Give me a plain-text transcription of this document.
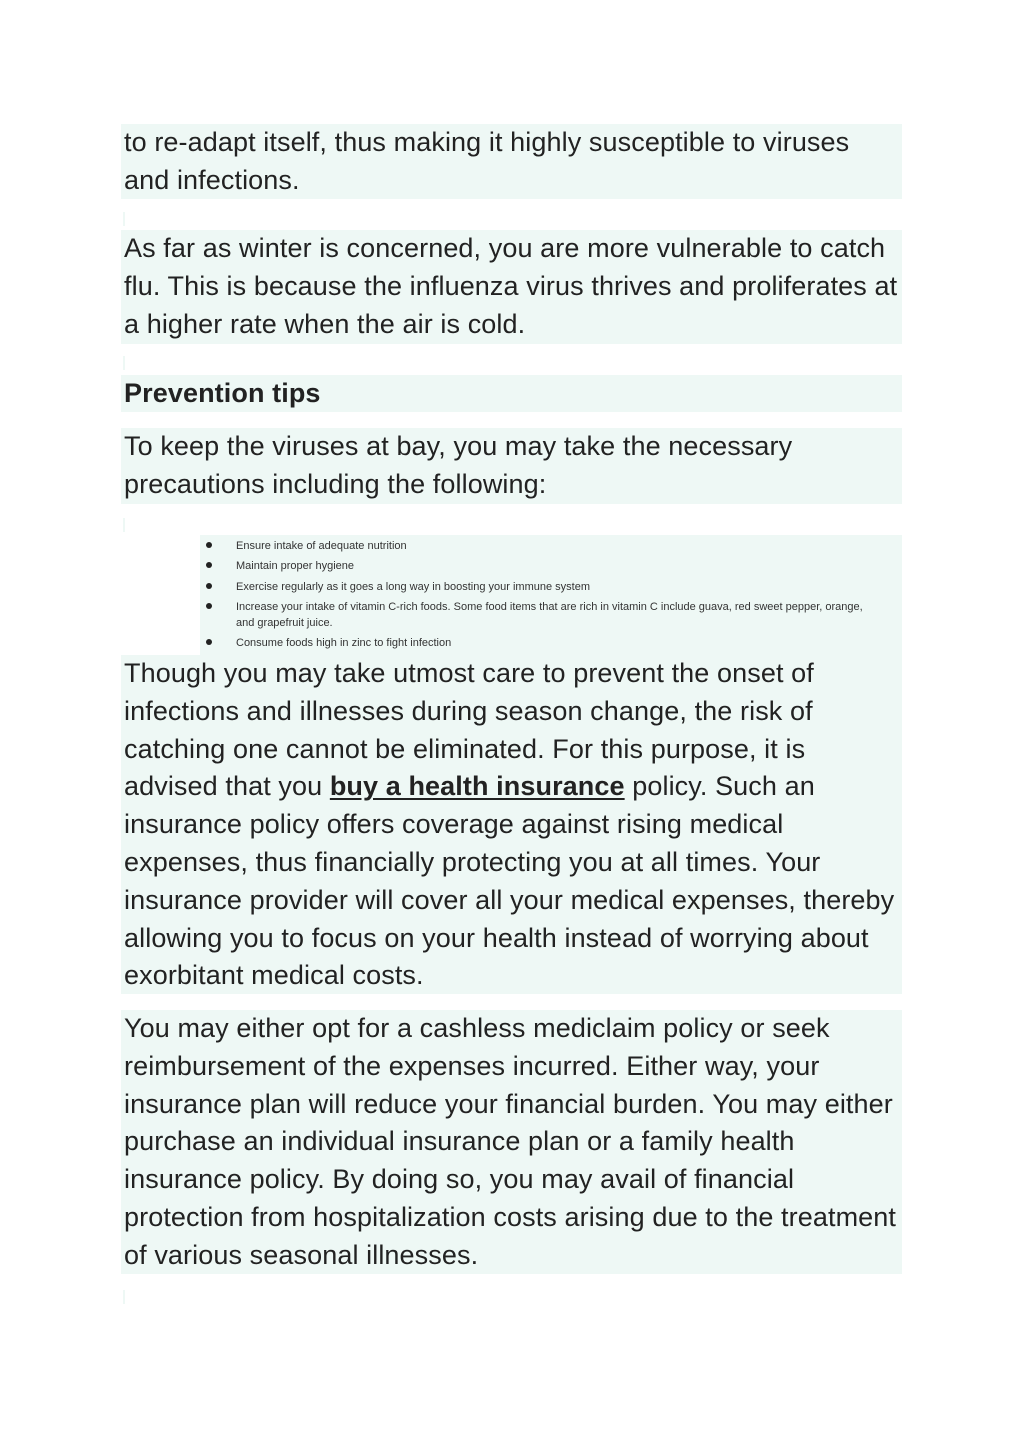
to re-adapt itself, thus making it highly susceptible to viruses and infections.
As far as winter is concerned, you are more vulnerable to catch flu. This is because the influenza virus thrives and proliferates at a higher rate when the air is cold.
Prevention tips
To keep the viruses at bay, you may take the necessary precautions including the following:
Ensure intake of adequate nutrition
Maintain proper hygiene
Exercise regularly as it goes a long way in boosting your immune system
Increase your intake of vitamin C-rich foods. Some food items that are rich in vitamin C include guava, red sweet pepper, orange, and grapefruit juice.
Consume foods high in zinc to fight infection
Though you may take utmost care to prevent the onset of infections and illnesses during season change, the risk of catching one cannot be eliminated. For this purpose, it is advised that you buy a health insurance policy. Such an insurance policy offers coverage against rising medical expenses, thus financially protecting you at all times. Your insurance provider will cover all your medical expenses, thereby allowing you to focus on your health instead of worrying about exorbitant medical costs.
You may either opt for a cashless mediclaim policy or seek reimbursement of the expenses incurred. Either way, your insurance plan will reduce your financial burden. You may either purchase an individual insurance plan or a family health insurance policy. By doing so, you may avail of financial protection from hospitalization costs arising due to the treatment of various seasonal illnesses.
